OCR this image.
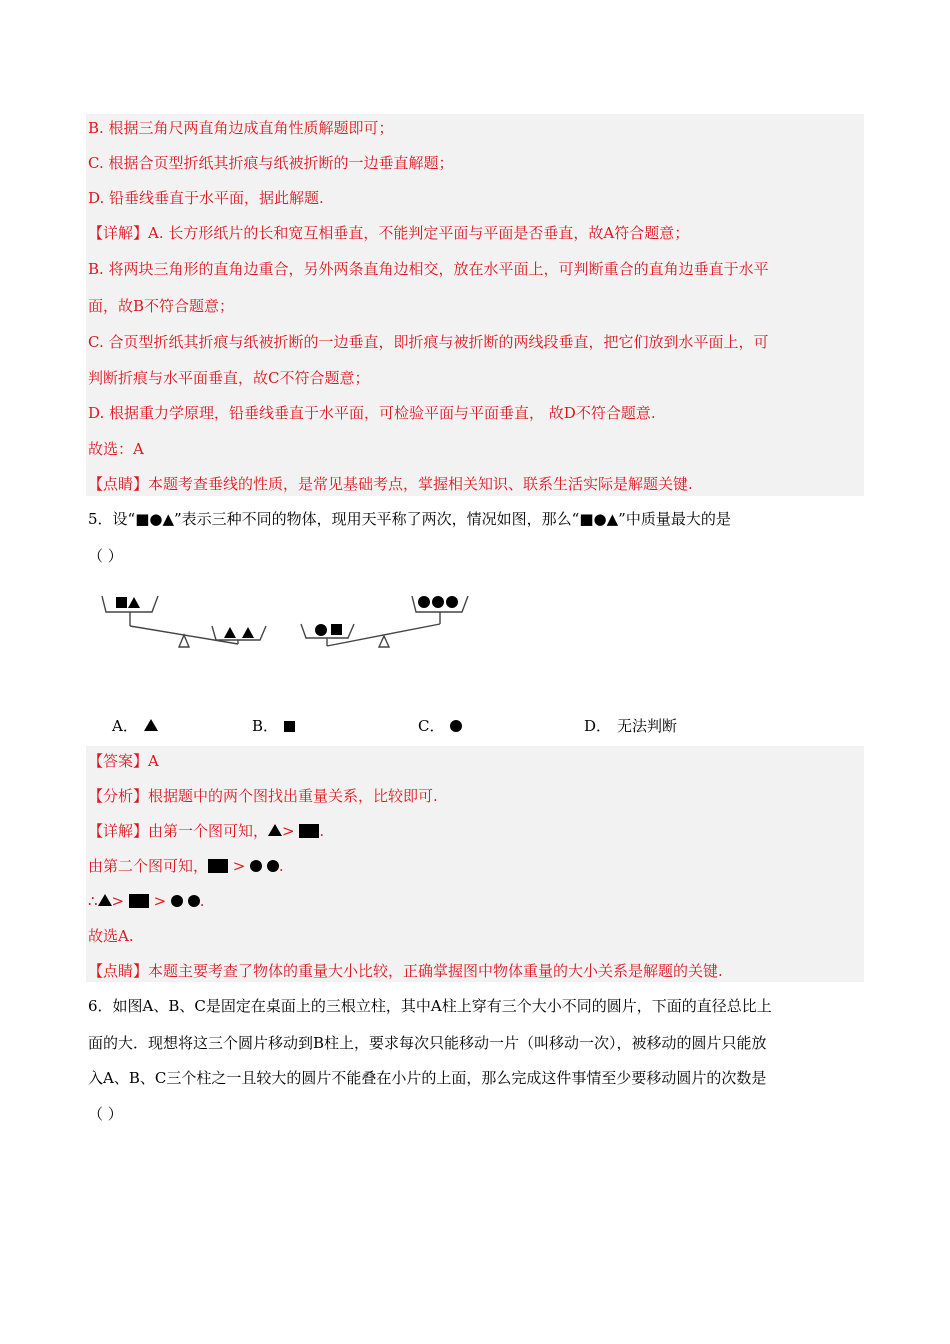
B. 根据三角尺两直角边成直角性质解题即可；
C. 根据合页型折纸其折痕与纸被折断的一边垂直解题；
D. 铅垂线垂直于水平面，据此解题.
【详解】A. 长方形纸片的长和宽互相垂直，不能判定平面与平面是否垂直，故A符合题意；
B. 将两块三角形的直角边重合，另外两条直角边相交，放在水平面上，可判断重合的直角边垂直于水平
面，故B不符合题意；
C. 合页型折纸其折痕与纸被折断的一边垂直，即折痕与被折断的两线段垂直，把它们放到水平面上，可
判断折痕与水平面垂直，故C不符合题意；
D. 根据重力学原理，铅垂线垂直于水平面，可检验平面与平面垂直， 故D不符合题意.
故选：A
【点睛】本题考查垂线的性质，是常见基础考点，掌握相关知识、联系生活实际是解题关键.
5．设“■●▲”表示三种不同的物体，现用天平称了两次，情况如图，那么“■●▲”中质量最大的是
（ ）
A．	B．	C．	D． 无法判断
【答案】A
【分析】根据题中的两个图找出重量关系，比较即可.
【详解】由第一个图可知， > .
由第二个图可知， >  .
∴ >  >  .
故选A.
【点睛】本题主要考查了物体的重量大小比较，正确掌握图中物体重量的大小关系是解题的关键.
6．如图A、B、C是固定在桌面上的三根立柱，其中A柱上穿有三个大小不同的圆片，下面的直径总比上
面的大．现想将这三个圆片移动到B柱上，要求每次只能移动一片（叫移动一次），被移动的圆片只能放
入A、B、C三个柱之一且较大的圆片不能叠在小片的上面，那么完成这件事情至少要移动圆片的次数是
（ ）
